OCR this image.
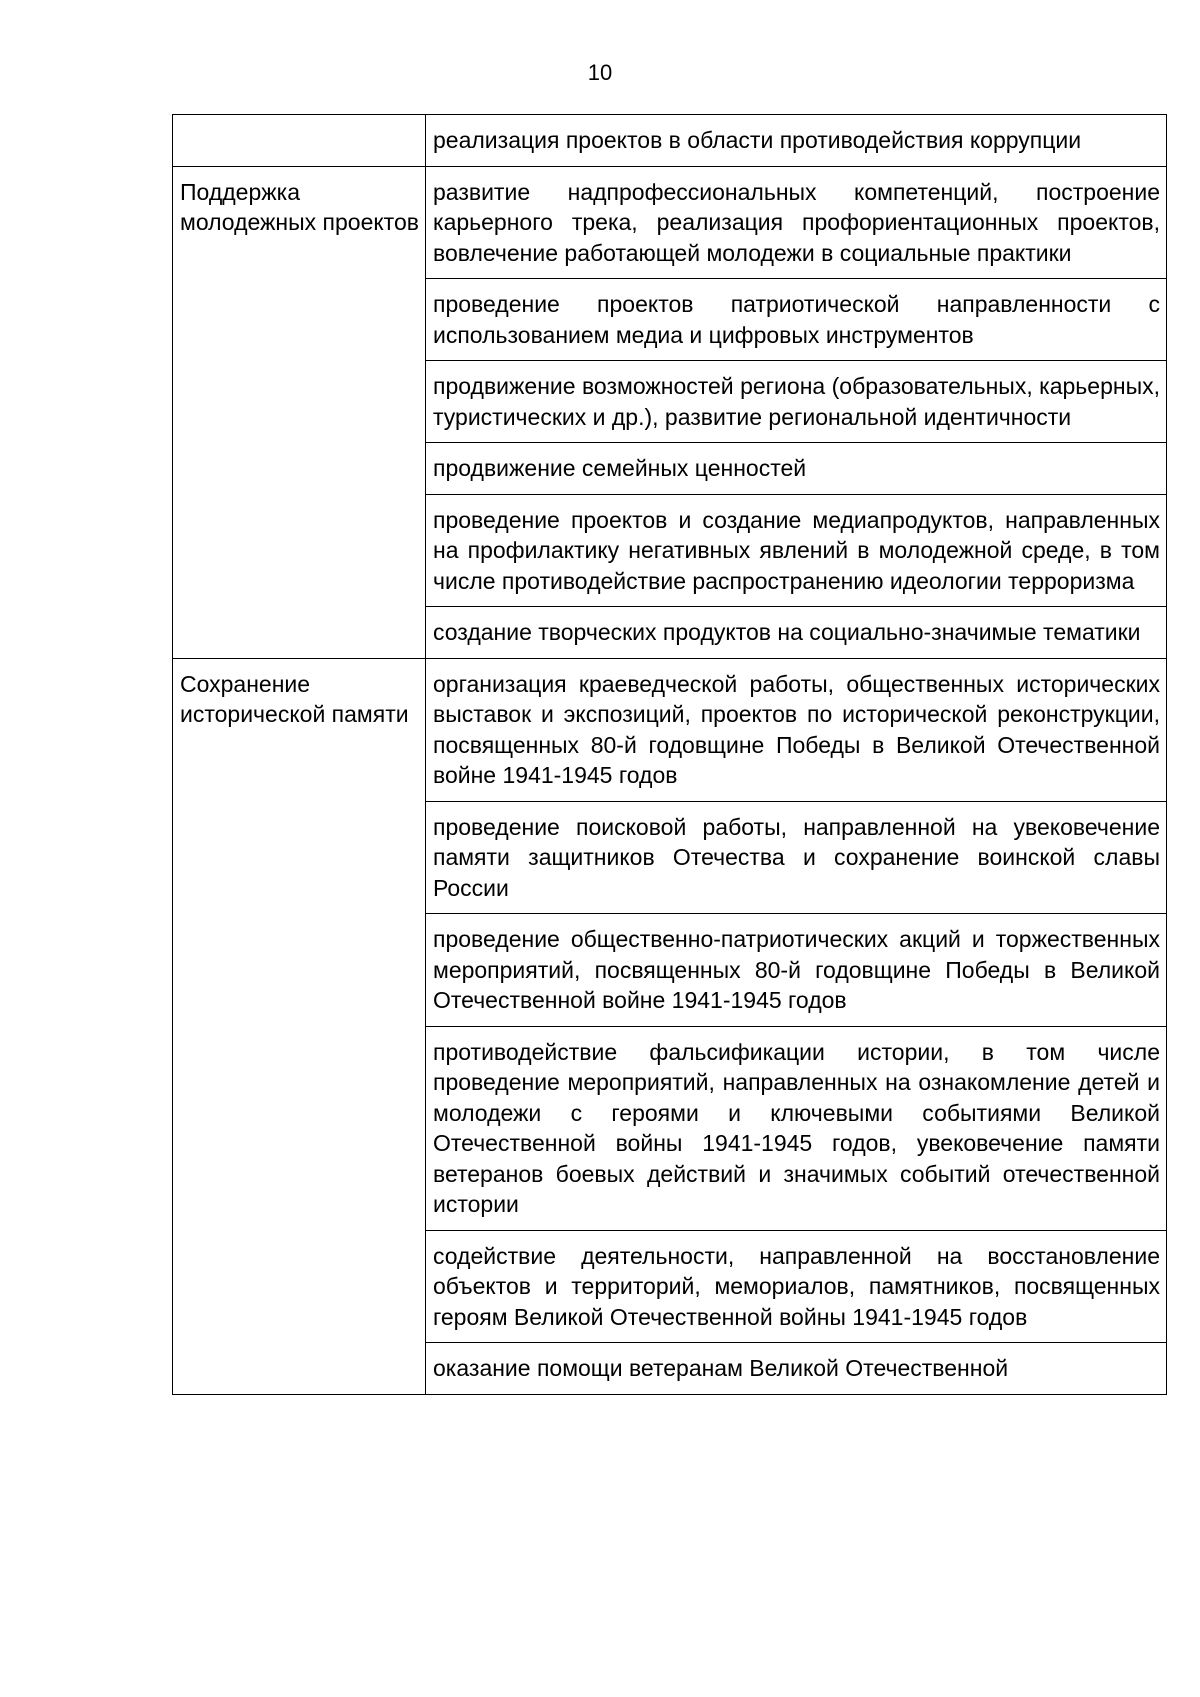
10
	реализация проектов в области противодействия коррупции
Поддержка молодежных проектов	развитие надпрофессиональных компетенций, построение карьерного трека, реализация профориентационных проектов, вовлечение работающей молодежи в социальные практики
	проведение проектов патриотической направленности с использованием медиа и цифровых инструментов
	продвижение возможностей региона (образовательных, карьерных, туристических и др.), развитие региональной идентичности
	продвижение семейных ценностей
	проведение проектов и создание медиапродуктов, направленных на профилактику негативных явлений в молодежной среде, в том числе противодействие распространению идеологии терроризма
	создание творческих продуктов на социально-значимые тематики
Сохранение исторической памяти	организация краеведческой работы, общественных исторических выставок и экспозиций, проектов по исторической реконструкции, посвященных 80-й годовщине Победы в Великой Отечественной войне 1941-1945 годов
	проведение поисковой работы, направленной на увековечение памяти защитников Отечества и сохранение воинской славы России
	проведение общественно-патриотических акций и торжественных мероприятий, посвященных 80-й годовщине Победы в Великой Отечественной войне 1941-1945 годов
	противодействие фальсификации истории, в том числе проведение мероприятий, направленных на ознакомление детей и молодежи с героями и ключевыми событиями Великой Отечественной войны 1941-1945 годов, увековечение памяти ветеранов боевых действий и значимых событий отечественной истории
	содействие деятельности, направленной на восстановление объектов и территорий, мемориалов, памятников, посвященных героям Великой Отечественной войны 1941-1945 годов
	оказание помощи ветеранам Великой Отечественной
